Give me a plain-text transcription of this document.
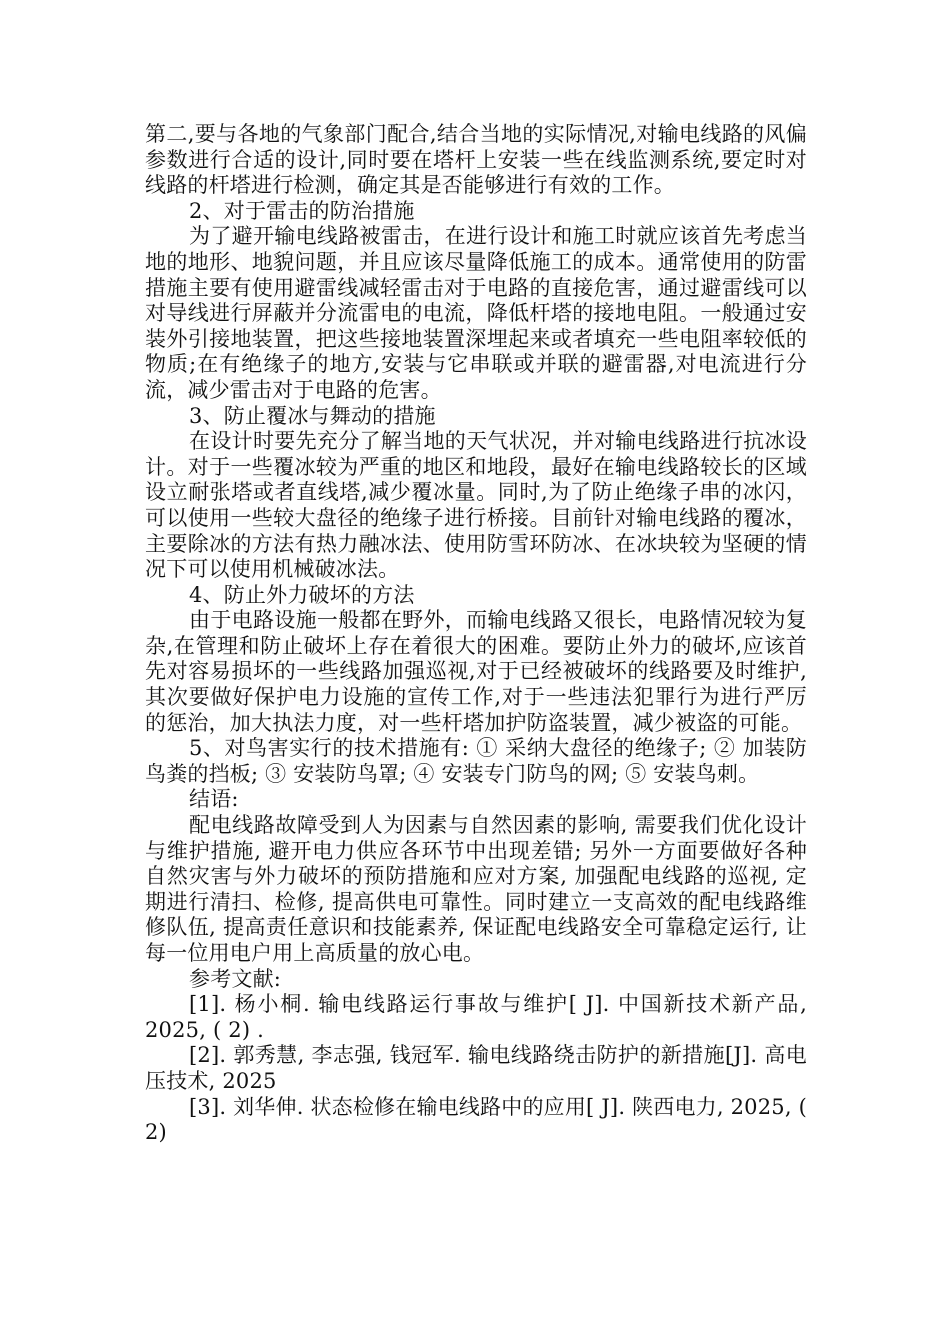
第二,要与各地的气象部门配合,结合当地的实际情况,对输电线路的风偏参数进行合适的设计,同时要在塔杆上安装一些在线监测系统,要定时对线路的杆塔进行检测，确定其是否能够进行有效的工作。

2、对于雷击的防治措施

为了避开输电线路被雷击，在进行设计和施工时就应该首先考虑当地的地形、地貌问题，并且应该尽量降低施工的成本。通常使用的防雷措施主要有使用避雷线减轻雷击对于电路的直接危害，通过避雷线可以对导线进行屏蔽并分流雷电的电流，降低杆塔的接地电阻。一般通过安装外引接地装置，把这些接地装置深埋起来或者填充一些电阻率较低的物质;在有绝缘子的地方,安装与它串联或并联的避雷器,对电流进行分流，减少雷击对于电路的危害。

3、防止覆冰与舞动的措施

在设计时要先充分了解当地的天气状况，并对输电线路进行抗冰设计。对于一些覆冰较为严重的地区和地段，最好在输电线路较长的区域设立耐张塔或者直线塔,减少覆冰量。同时,为了防止绝缘子串的冰闪，可以使用一些较大盘径的绝缘子进行桥接。目前针对输电线路的覆冰，主要除冰的方法有热力融冰法、使用防雪环防冰、在冰块较为坚硬的情况下可以使用机械破冰法。

4、防止外力破坏的方法

由于电路设施一般都在野外，而输电线路又很长，电路情况较为复杂,在管理和防止破坏上存在着很大的困难。要防止外力的破坏,应该首先对容易损坏的一些线路加强巡视,对于已经被破坏的线路要及时维护,其次要做好保护电力设施的宣传工作,对于一些违法犯罪行为进行严厉的惩治，加大执法力度，对一些杆塔加护防盗装置，减少被盗的可能。

5、对鸟害实行的技术措施有: ① 采纳大盘径的绝缘子; ② 加装防鸟粪的挡板; ③ 安装防鸟罩; ④ 安装专门防鸟的网; ⑤ 安装鸟刺。

结语:

配电线路故障受到人为因素与自然因素的影响, 需要我们优化设计与维护措施, 避开电力供应各环节中出现差错; 另外一方面要做好各种自然灾害与外力破坏的预防措施和应对方案, 加强配电线路的巡视, 定期进行清扫、检修, 提高供电可靠性。同时建立一支高效的配电线路维修队伍, 提高责任意识和技能素养, 保证配电线路安全可靠稳定运行, 让每一位用电户用上高质量的放心电。

参考文献:

[1]. 杨小桐. 输电线路运行事故与维护[ J]. 中国新技术新产品, 2025, ( 2) .

[2]. 郭秀慧, 李志强, 钱冠军. 输电线路绕击防护的新措施[J]. 高电压技术, 2025

[3]. 刘华伸. 状态检修在输电线路中的应用[ J]. 陕西电力, 2025, ( 2)
